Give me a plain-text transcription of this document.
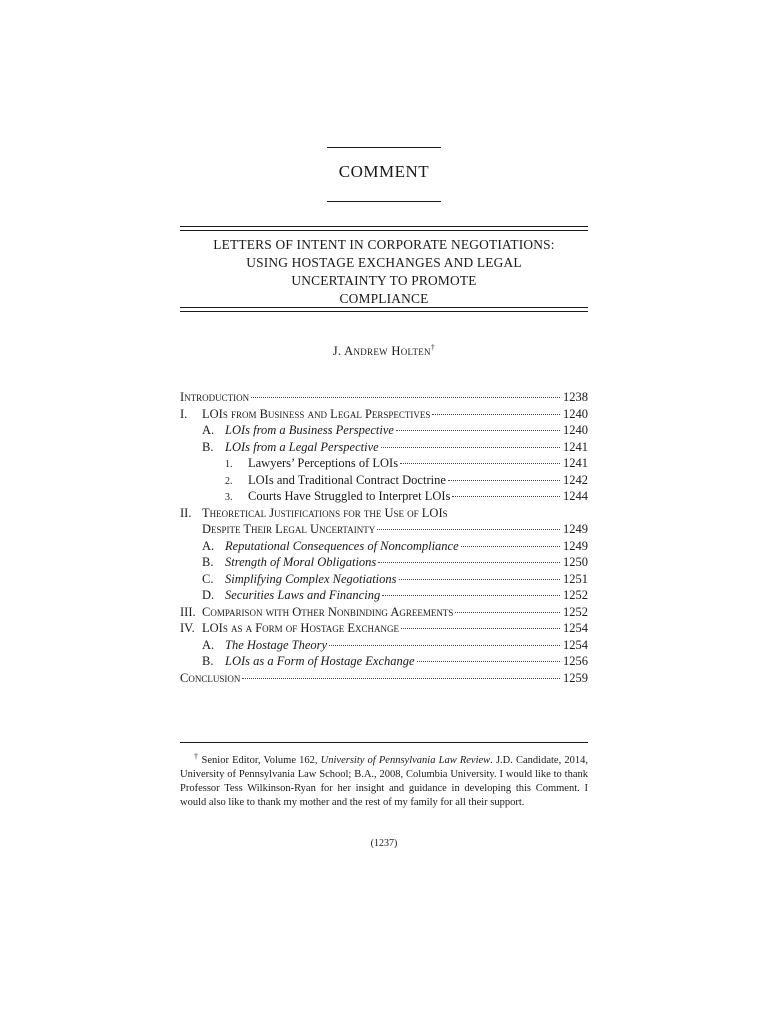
COMMENT
LETTERS OF INTENT IN CORPORATE NEGOTIATIONS:
USING HOSTAGE EXCHANGES AND LEGAL
UNCERTAINTY TO PROMOTE
COMPLIANCE
J. Andrew Holten†
Introduction	1238
I.	LOIs from Business and Legal Perspectives	1240
A. LOIs from a Business Perspective	1240
B. LOIs from a Legal Perspective	1241
1.	Lawyers’ Perceptions of LOIs	1241
2.	LOIs and Traditional Contract Doctrine	1242
3.	Courts Have Struggled to Interpret LOIs	1244
II. Theoretical Justifications for the Use of LOIs
Despite Their Legal Uncertainty	1249
A. Reputational Consequences of Noncompliance	1249
B. Strength of Moral Obligations	1250
C. Simplifying Complex Negotiations	1251
D. Securities Laws and Financing	1252
III. Comparison with Other Nonbinding Agreements	1252
IV. LOIs as a Form of Hostage Exchange	1254
A. The Hostage Theory	1254
B. LOIs as a Form of Hostage Exchange	1256
Conclusion	1259
† Senior Editor, Volume 162, University of Pennsylvania Law Review. J.D. Candidate, 2014, University of Pennsylvania Law School; B.A., 2008, Columbia University. I would like to thank Professor Tess Wilkinson-Ryan for her insight and guidance in developing this Comment. I would also like to thank my mother and the rest of my family for all their support.
(1237)
